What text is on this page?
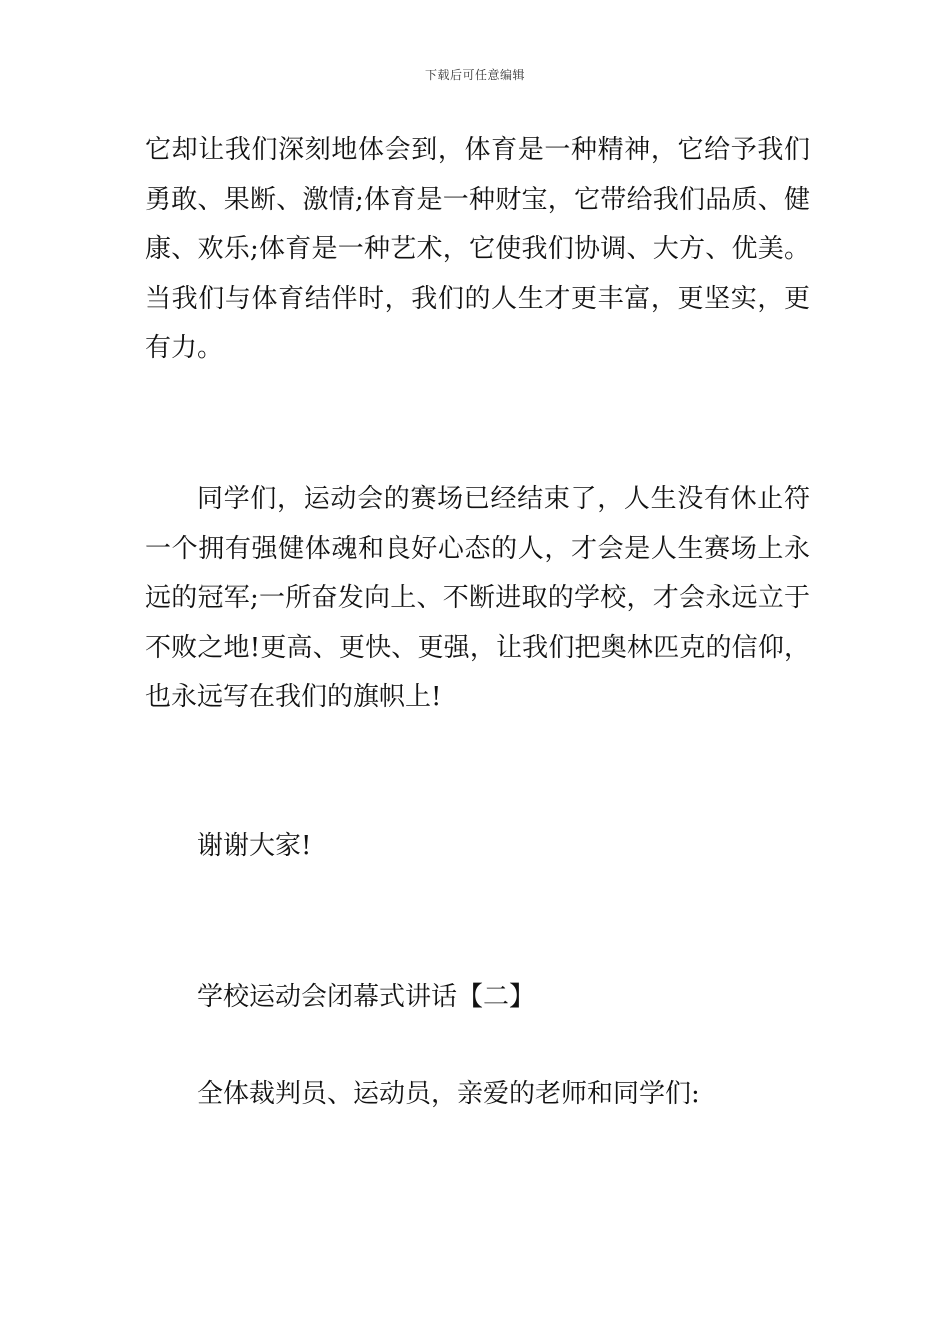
下载后可任意编辑
它却让我们深刻地体会到，体育是一种精神，它给予我们
勇敢、果断、激情;体育是一种财宝，它带给我们品质、健
康、欢乐;体育是一种艺术，它使我们协调、大方、优美。
当我们与体育结伴时，我们的人生才更丰富，更坚实，更
有力。
同学们，运动会的赛场已经结束了，人生没有休止符
一个拥有强健体魂和良好心态的人，才会是人生赛场上永
远的冠军;一所奋发向上、不断进取的学校，才会永远立于
不败之地!更高、更快、更强，让我们把奥林匹克的信仰，
也永远写在我们的旗帜上!

谢谢大家!

学校运动会闭幕式讲话【二】

全体裁判员、运动员，亲爱的老师和同学们:
